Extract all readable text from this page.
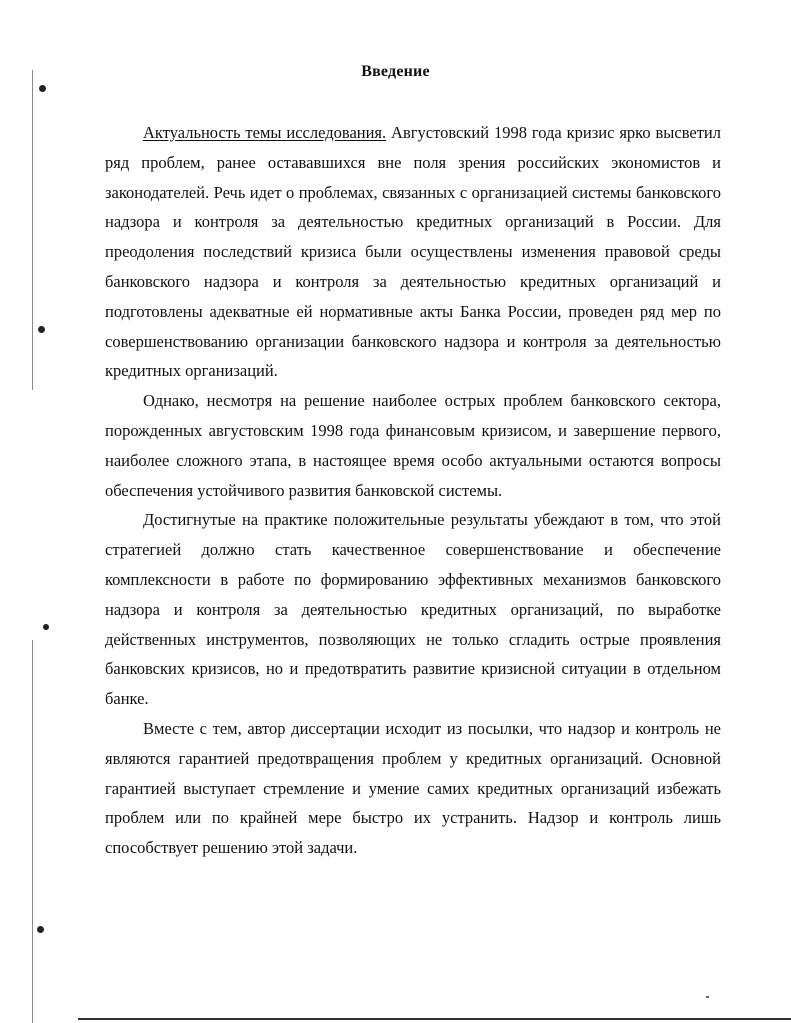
Введение

Актуальность темы исследования. Августовский 1998 года кризис ярко высветил ряд проблем, ранее остававшихся вне поля зрения российских экономистов и законодателей. Речь идет о проблемах, связанных с организацией системы банковского надзора и контроля за деятельностью кредитных организаций в России. Для преодоления последствий кризиса были осуществлены изменения правовой среды банковского надзора и контроля за деятельностью кредитных организаций и подготовлены адекватные ей нормативные акты Банка России, проведен ряд мер по совершенствованию организации банковского надзора и контроля за деятельностью кредитных организаций.

Однако, несмотря на решение наиболее острых проблем банковского сектора, порожденных августовским 1998 года финансовым кризисом, и завершение первого, наиболее сложного этапа, в настоящее время особо актуальными остаются вопросы обеспечения устойчивого развития банковской системы.

Достигнутые на практике положительные результаты убеждают в том, что этой стратегией должно стать качественное совершенствование и обеспечение комплексности в работе по формированию эффективных механизмов банковского надзора и контроля за деятельностью кредитных организаций, по выработке действенных инструментов, позволяющих не только сгладить острые проявления банковских кризисов, но и предотвратить развитие кризисной ситуации в отдельном банке.

Вместе с тем, автор диссертации исходит из посылки, что надзор и контроль не являются гарантией предотвращения проблем у кредитных организаций. Основной гарантией выступает стремление и умение самих кредитных организаций избежать проблем или по крайней мере быстро их устранить. Надзор и контроль лишь способствует решению этой задачи.
